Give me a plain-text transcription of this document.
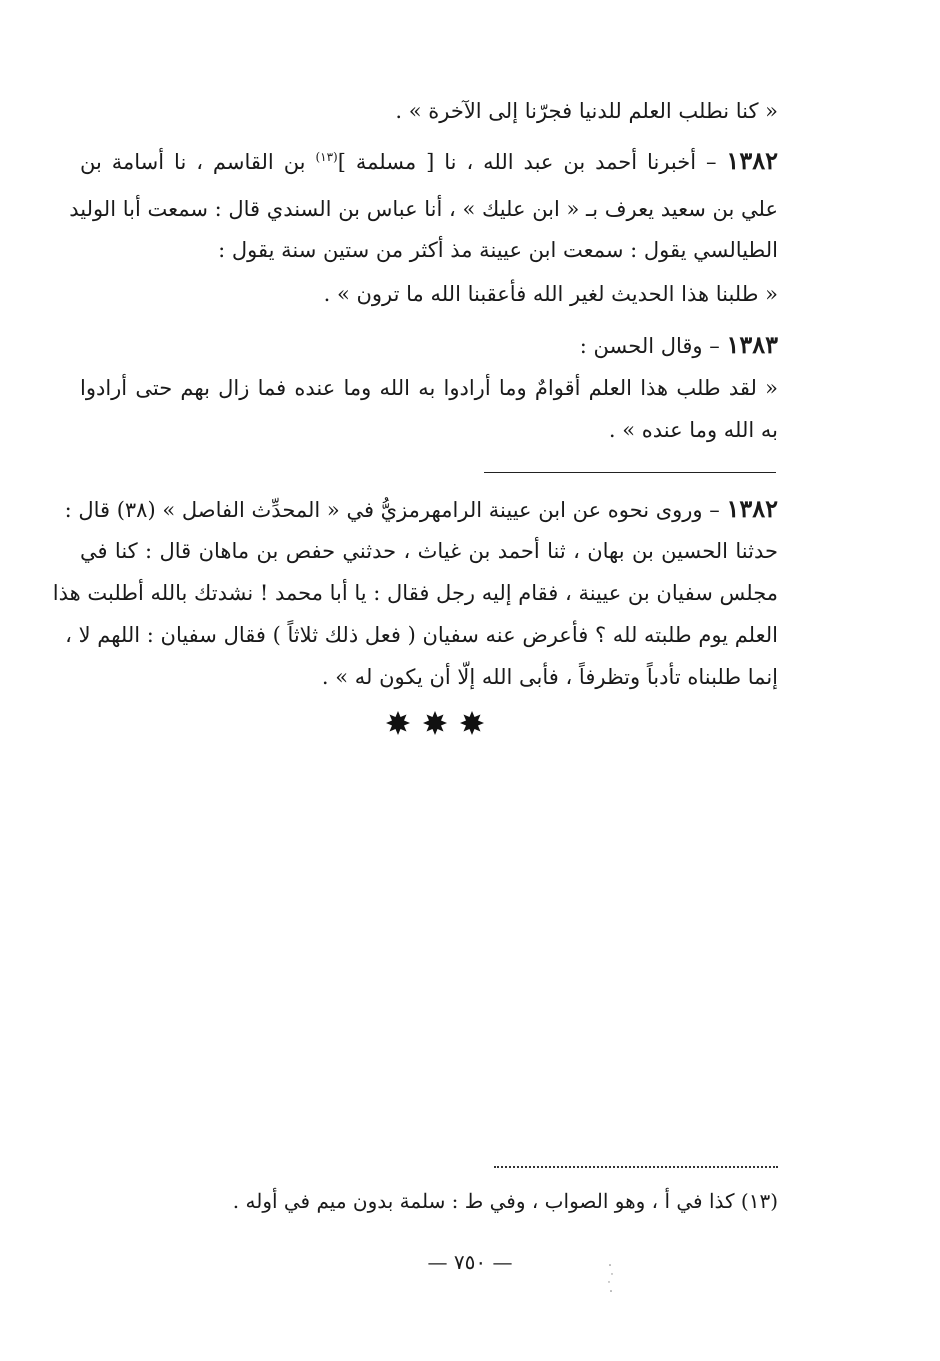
« كنا نطلب العلم للدنيا فجرّنا إلى الآخرة » .
١٣٨٢ – أخبرنا أحمد بن عبد الله ، نا [ مسلمة ]$^{(١٣)}$ بن القاسم ، نا أسامة بن
علي بن سعيد يعرف بـ « ابن عليك » ، أنا عباس بن السندي قال : سمعت أبا الوليد
الطيالسي يقول : سمعت ابن عيينة مذ أكثر من ستين سنة يقول :
« طلبنا هذا الحديث لغير الله فأعقبنا الله ما ترون » .
١٣٨٣ – وقال الحسن :
« لقد طلب هذا العلم أقوامٌ وما أرادوا به الله وما عنده فما زال بهم حتى أرادوا
به الله وما عنده » .
١٣٨٢ – وروى نحوه عن ابن عيينة الرامهرمزيُّ في « المحدِّث الفاصل » (٣٨) قال :
حدثنا الحسين بن بهان ، ثنا أحمد بن غياث ، حدثني حفص بن ماهان قال : كنا في
مجلس سفيان بن عيينة ، فقام إليه رجل فقال : يا أبا محمد ! نشدتك بالله أطلبت هذا
العلم يوم طلبته لله ؟ فأعرض عنه سفيان ( فعل ذلك ثلاثاً ) فقال سفيان : اللهم لا ،
إنما طلبناه تأدباً وتظرفاً ، فأبى الله إلّا أن يكون له » .
(١٣) كذا في أ ، وهو الصواب ، وفي ط : سلمة بدون ميم في أوله .
— ٧٥٠ —
